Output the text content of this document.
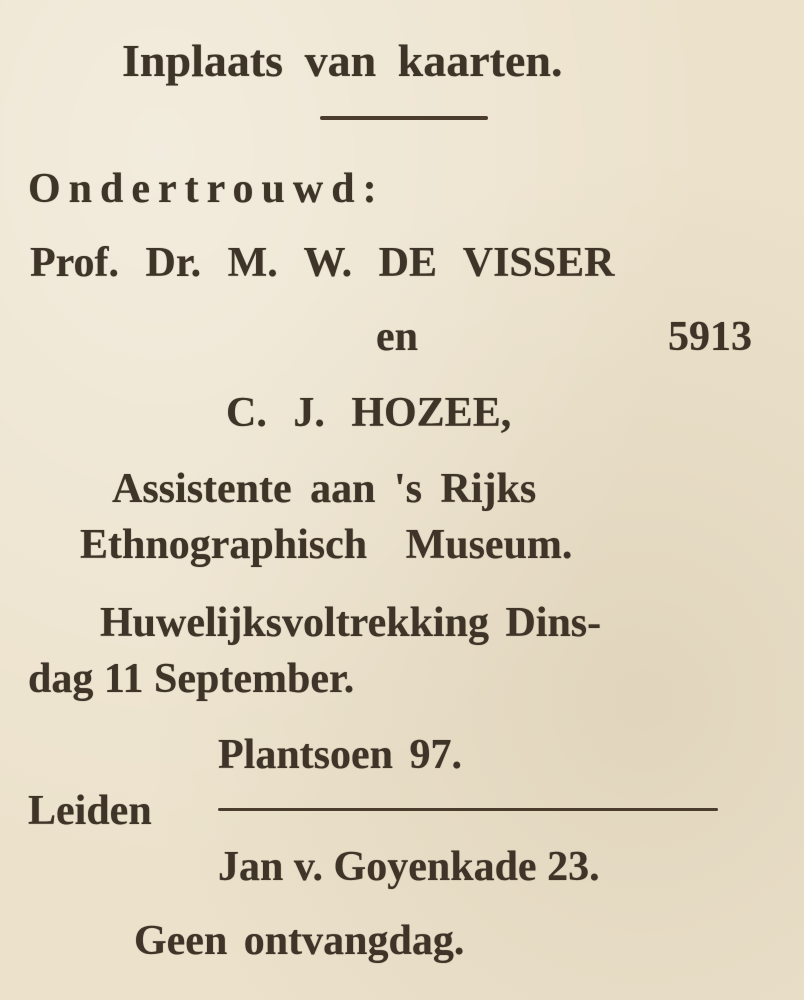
Inplaats van kaarten.
Ondertrouwd:
Prof. Dr. M. W. DE VISSER
en	5913
C. J. HOZEE,
Assistente aan 's Rijks
Ethnographisch Museum.
Huwelijksvoltrekking Dins-
dag 11 September.
Plantsoen 97.
Leiden
Jan v. Goyenkade 23.
Geen ontvangdag.
